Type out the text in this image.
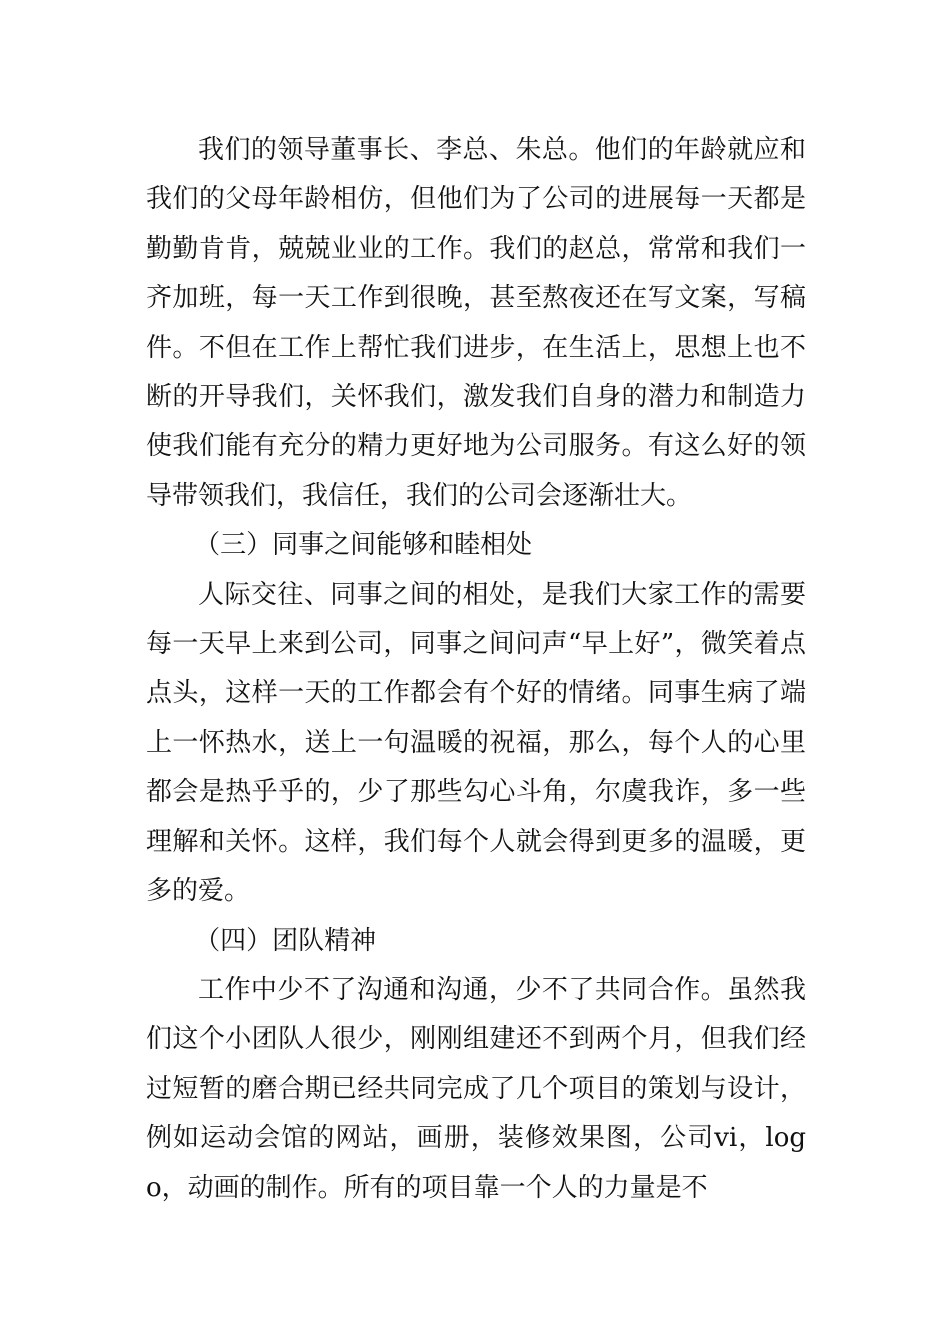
我们的领导董事长、李总、朱总。他们的年龄就应和我们的父母年龄相仿，但他们为了公司的进展每一天都是勤勤肯肯，兢兢业业的工作。我们的赵总，常常和我们一齐加班，每一天工作到很晚，甚至熬夜还在写文案，写稿件。不但在工作上帮忙我们进步，在生活上，思想上也不断的开导我们，关怀我们，激发我们自身的潜力和制造力使我们能有充分的精力更好地为公司服务。有这么好的领导带领我们，我信任，我们的公司会逐渐壮大。

（三）同事之间能够和睦相处

人际交往、同事之间的相处，是我们大家工作的需要每一天早上来到公司，同事之间问声“早上好”，微笑着点点头，这样一天的工作都会有个好的情绪。同事生病了端上一怀热水，送上一句温暖的祝福，那么，每个人的心里都会是热乎乎的，少了那些勾心斗角，尔虞我诈，多一些理解和关怀。这样，我们每个人就会得到更多的温暖，更多的爱。

（四）团队精神

工作中少不了沟通和沟通，少不了共同合作。虽然我们这个小团队人很少，刚刚组建还不到两个月，但我们经过短暂的磨合期已经共同完成了几个项目的策划与设计，例如运动会馆的网站，画册，装修效果图，公司vi，logo，动画的制作。所有的项目靠一个人的力量是不
